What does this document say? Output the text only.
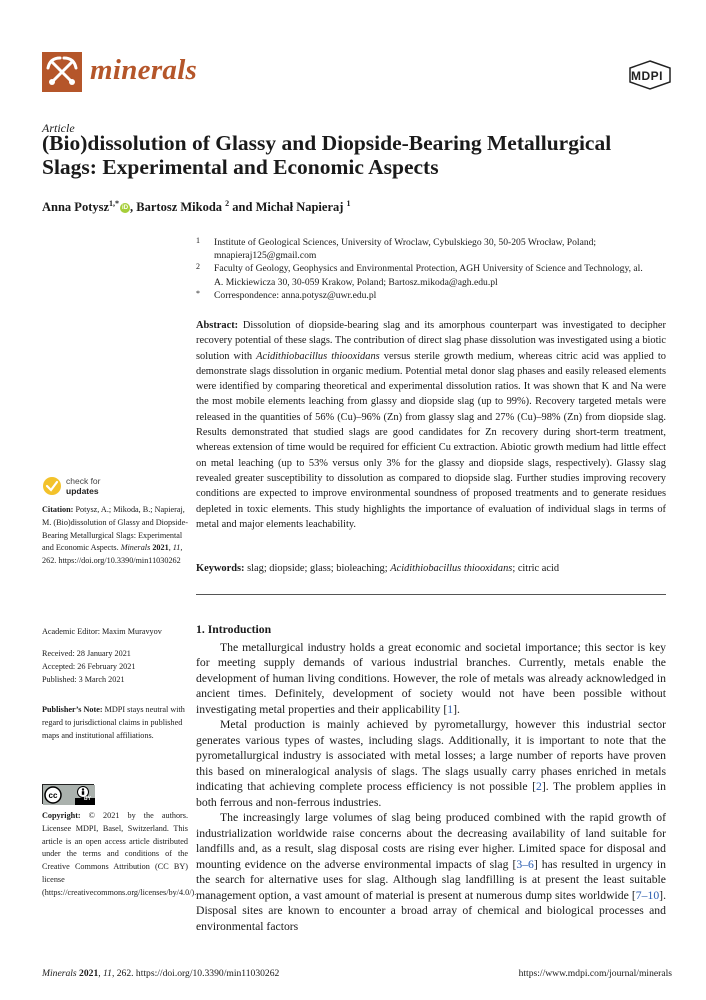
minerals	MDPI
Article
(Bio)dissolution of Glassy and Diopside-Bearing Metallurgical
Slags: Experimental and Economic Aspects
Anna Potysz$^{1,*}$iD , Bartosz Mikoda $^2$ and Michał Napieraj $^1$
1 Institute of Geological Sciences, University of Wroclaw, Cybulskiego 30, 50-205 Wrocław, Poland;
mnapieraj125@gmail.com
2 Faculty of Geology, Geophysics and Environmental Protection, AGH University of Science and Technology, al.
A. Mickiewicza 30, 30-059 Krakow, Poland; Bartosz.mikoda@agh.edu.pl
* Correspondence: anna.potysz@uwr.edu.pl
Abstract: Dissolution of diopside-bearing slag and its amorphous counterpart was investigated to decipher recovery potential of these slags. The contribution of direct slag phase dissolution was investigated using a biotic solution with Acidithiobacillus thiooxidans versus sterile growth medium, whereas citric acid was applied to demonstrate slags dissolution in organic medium. Potential metal donor slag phases and easily released elements were identified by comparing theoretical and experimental dissolution ratios. It was shown that K and Na were the most mobile elements leaching from glassy and diopside slag (up to 99%). Recovery targeted metals were released in the quantities of 56% (Cu)–96% (Zn) from glassy slag and 27% (Cu)–98% (Zn) from diopside slag. Results demonstrated that studied slags are good candidates for Zn recovery during short-term treatment, whereas extension of time would be required for efficient Cu extraction. Abiotic growth medium had little effect on metal leaching (up to 53% versus only 3% for the glassy and diopside slags, respectively). Glassy slag revealed greater susceptibility to dissolution as compared to diopside slag. Further studies improving recovery conditions are expected to improve environmental soundness of proposed treatments and to generate residues depleted in toxic elements. This study highlights the importance of evaluation of individual slags in terms of metal and major elements leachability.
Keywords: slag; diopside; glass; bioleaching; Acidithiobacillus thiooxidans; citric acid
check for
updates
Citation: Potysz, A.; Mikoda, B.; Napieraj, M. (Bio)dissolution of Glassy and Diopside-Bearing Metallurgical Slags: Experimental and Economic Aspects. Minerals 2021, 11, 262. https://doi.org/10.3390/min11030262
Academic Editor: Maxim Muravyov
Received: 28 January 2021
Accepted: 26 February 2021
Published: 3 March 2021
Publisher’s Note: MDPI stays neutral with regard to jurisdictional claims in published maps and institutional affiliations.
cc	BY
Copyright: © 2021 by the authors. Licensee MDPI, Basel, Switzerland. This article is an open access article distributed under the terms and conditions of the Creative Commons Attribution (CC BY) license (https://creativecommons.org/licenses/by/4.0/).
1. Introduction

The metallurgical industry holds a great economic and societal importance; this sector is key for meeting supply demands of various industrial branches. Currently, metals enable the development of human living conditions. However, the role of metals was already acknowledged in ancient times. Definitely, development of society would not have been possible without investigating metal properties and their applicability [1].

Metal production is mainly achieved by pyrometallurgy, however this industrial sector generates various types of wastes, including slags. Additionally, it is important to note that the pyrometallurgical industry is associated with metal losses; a large number of reports have proven this based on mineralogical analysis of slags. The slags usually carry phases enriched in metals indicating that achieving complete process efficiency is not possible [2]. The problem applies in both ferrous and non-ferrous industries.

The increasingly large volumes of slag being produced combined with the rapid growth of industrialization worldwide raise concerns about the decreasing availability of land suitable for landfills and, as a result, slag disposal costs are rising ever higher. Limited space for disposal and mounting evidence on the adverse environmental impacts of slag [3–6] has resulted in urgency in the search for alternative uses for slag. Although slag landfilling is at present the least suitable management option, a vast amount of material is present at numerous dump sites worldwide [7–10]. Disposal sites are known to encounter a broad array of chemical and biological processes and environmental factors

Minerals 2021, 11, 262. https://doi.org/10.3390/min11030262	https://www.mdpi.com/journal/minerals
